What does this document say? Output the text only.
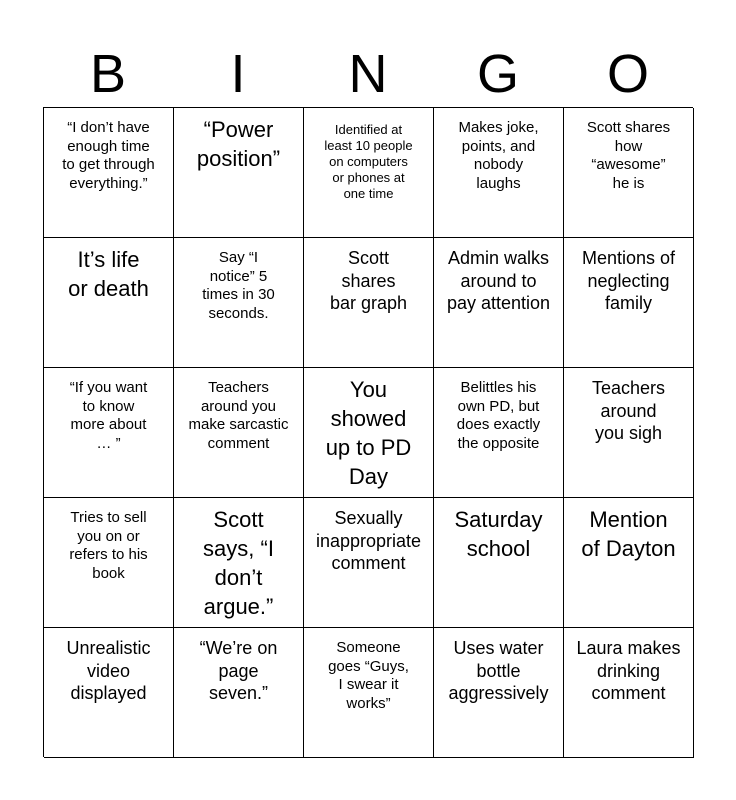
B	I	N	G	O
“I don’t have
enough time
to get through
everything.”
“Power
position”
Identified at
least 10 people
on computers
or phones at
one time
Makes joke,
points, and
nobody
laughs
Scott shares
how
“awesome”
he is
It’s life
or death
Say “I
notice” 5
times in 30
seconds.
Scott
shares
bar graph
Admin walks
around to
pay attention
Mentions of
neglecting
family
“If you want
to know
more about
… ”
Teachers
around you
make sarcastic
comment
You
showed
up to PD
Day
Belittles his
own PD, but
does exactly
the opposite
Teachers
around
you sigh
Tries to sell
you on or
refers to his
book
Scott
says, “I
don’t
argue.”
Sexually
inappropriate
comment
Saturday
school
Mention
of Dayton
Unrealistic
video
displayed
“We’re on
page
seven.”
Someone
goes “Guys,
I swear it
works”
Uses water
bottle
aggressively
Laura makes
drinking
comment
